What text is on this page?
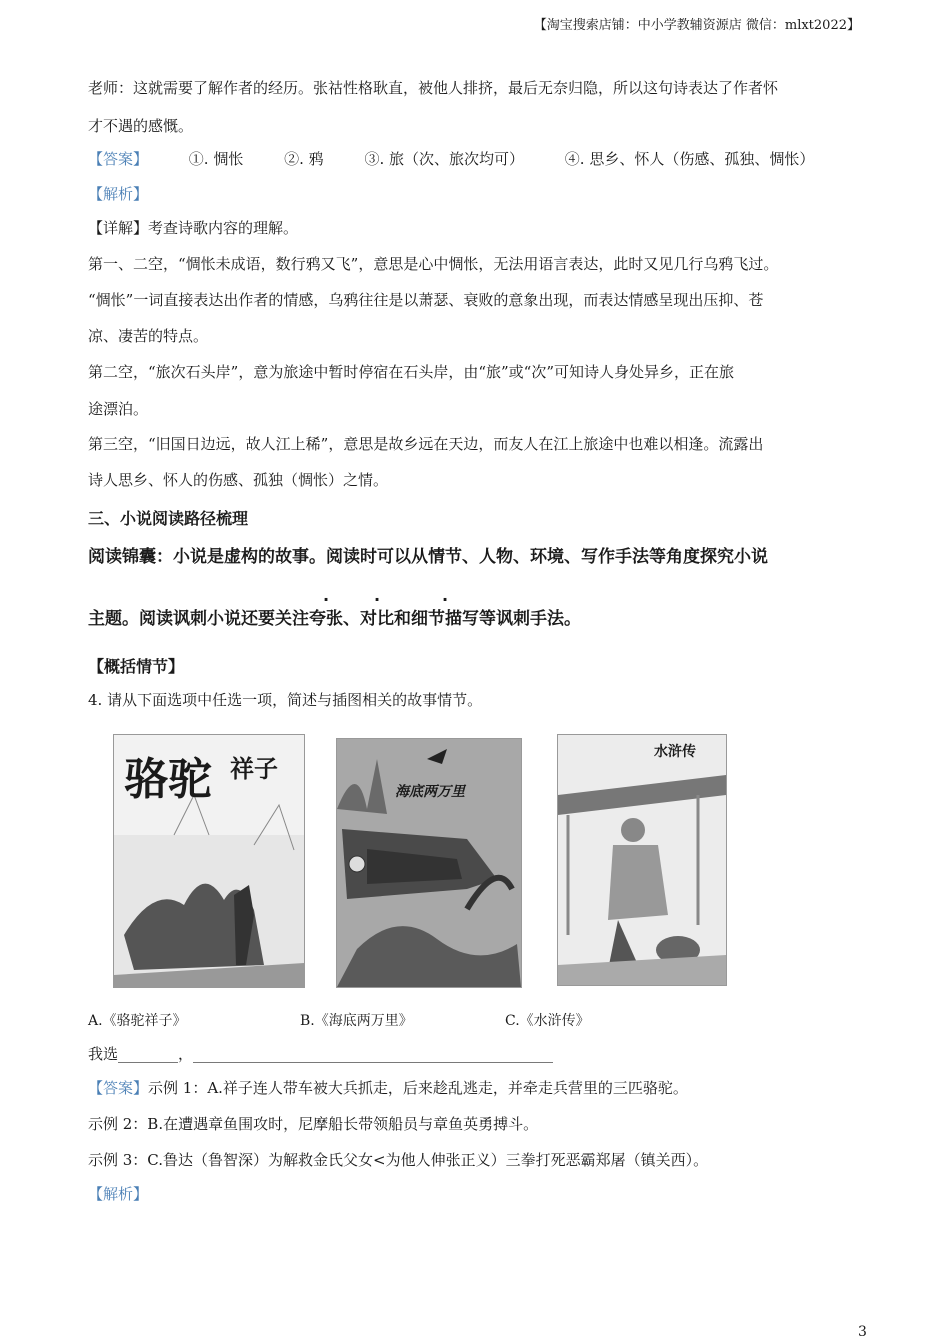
【淘宝搜索店铺：中小学教辅资源店 微信：mlxt2022】
老师：这就需要了解作者的经历。张祜性格耿直，被他人排挤，最后无奈归隐，所以这句诗表达了作者怀
才不遇的感慨。
【答案】	①. 惆怅	②. 鸦	③. 旅（次、旅次均可）	④. 思乡、怀人（伤感、孤独、惆怅）
【解析】
【详解】考查诗歌内容的理解。
第一、二空，“惆怅未成语，数行鸦又飞”，意思是心中惆怅，无法用语言表达，此时又见几行乌鸦飞过。
“惆怅”一词直接表达出作者的情感，乌鸦往往是以萧瑟、衰败的意象出现，而表达情感呈现出压抑、苍
凉、凄苦的特点。
第二空，“旅次石头岸”，意为旅途中暂时停宿在石头岸，由“旅”或“次”可知诗人身处异乡，正在旅
途漂泊。
第三空，“旧国日边远，故人江上稀”，意思是故乡远在天边，而友人在江上旅途中也难以相逢。流露出
诗人思乡、怀人的伤感、孤独（惆怅）之情。
三、小说阅读路径梳理
阅读锦囊：小说是虚构的故事。阅读时可以从情节、人物、环境、写作手法等角度探究小说
主题。阅读讽刺小说还要关注夸张、对比和细节描写等讽刺手法。
【概括情节】
4. 请从下面选项中任选一项，简述与插图相关的故事情节。
骆驼 祥子
海底两万里
水浒传
A.《骆驼祥子》	B.《海底两万里》	C.《水浒传》
我选________，________________________________________________
【答案】示例 1：A.祥子连人带车被大兵抓走，后来趁乱逃走，并牵走兵营里的三匹骆驼。
示例 2：B.在遭遇章鱼围攻时，尼摩船长带领船员与章鱼英勇搏斗。
示例 3：C.鲁达（鲁智深）为解救金氏父女<为他人伸张正义）三拳打死恶霸郑屠（镇关西）。
【解析】
3
